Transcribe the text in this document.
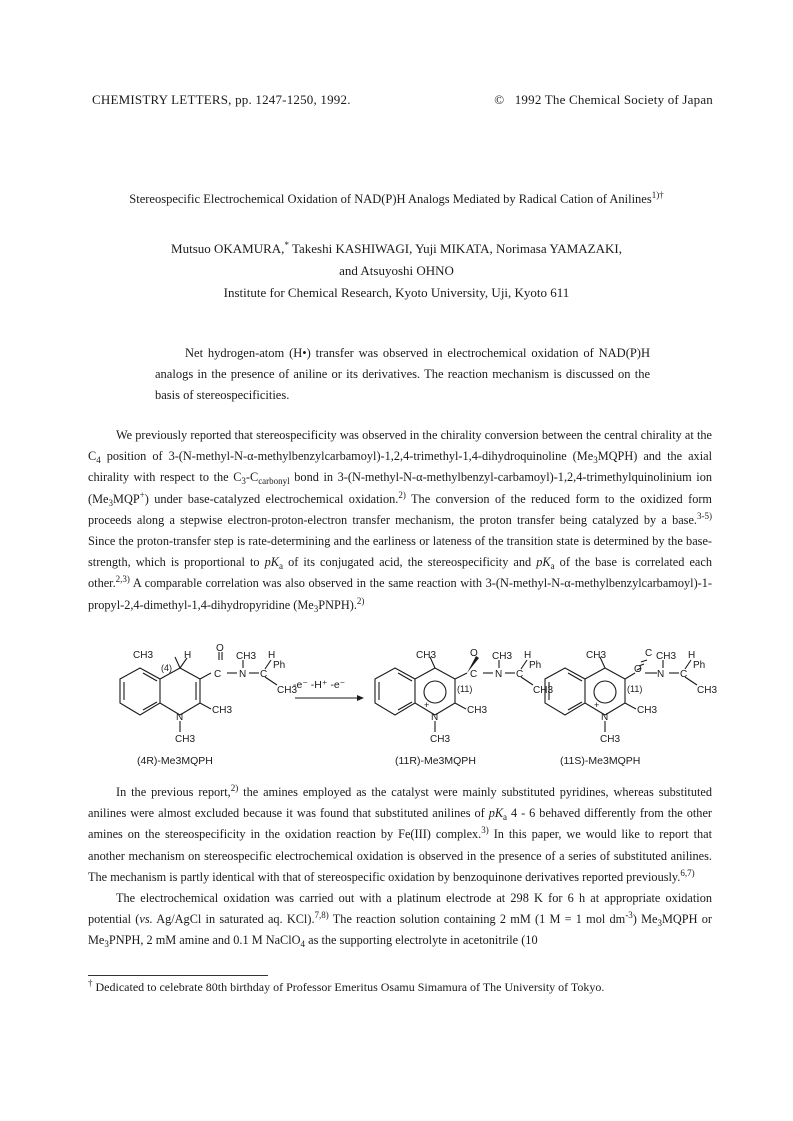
CHEMISTRY LETTERS, pp. 1247-1250, 1992.	© 1992 The Chemical Society of Japan
Stereospecific Electrochemical Oxidation of NAD(P)H Analogs Mediated by Radical Cation of Anilines$^{1)\dagger}$
Mutsuo OKAMURA,* Takeshi KASHIWAGI, Yuji MIKATA, Norimasa YAMAZAKI,
and Atsuyoshi OHNO
Institute for Chemical Research, Kyoto University, Uji, Kyoto 611
Net hydrogen-atom (H•) transfer was observed in electrochemical oxidation of NAD(P)H analogs in the presence of aniline or its derivatives. The reaction mechanism is discussed on the basis of stereospecificities.

We previously reported that stereospecificity was observed in the chirality conversion between the central chirality at the $C_4$ position of 3-(N-methyl-N-α-methylbenzylcarbamoyl)-1,2,4-trimethyl-1,4-dihydroquinoline $(Me_3MQPH)$ and the axial chirality with respect to the $C_3-C_{carbonyl}$ bond in 3-(N-methyl-N-α-methylbenzyl-carbamoyl)-1,2,4-trimethylquinolinium ion $(Me_3MQP^+)$ under base-catalyzed electrochemical oxidation.$^{2)}$ The conversion of the reduced form to the oxidized form proceeds along a stepwise electron-proton-electron transfer mechanism, the proton transfer being catalyzed by a base.$^{3-5)}$ Since the proton-transfer step is rate-determining and the earliness or lateness of the transition state is determined by the base-strength, which is proportional to $pK_a$ of its conjugated acid, the stereospecificity and $pK_a$ of the base is correlated each other.$^{2,3)}$ A comparable correlation was also observed in the same reaction with 3-(N-methyl-N-α-methylbenzylcarbamoyl)-1-propyl-2,4-dimethyl-1,4-dihydropyridine $(Me_3PNPH).^{2)}$

CH3	H
O
CH3 H
Ph
C N C
CH3
(4)
N
CH3
CH3
(4R)-Me3MQPH
-e⁻ -H⁺ -e⁻
CH3	O CH3 H
Ph
C N C
CH3
(11)
+
N
CH3
CH3
(11R)-Me3MQPH
CH3
O
CH3 H
Ph
C
N C
CH3
(11)
+
N
CH3
CH3
(11S)-Me3MQPH

In the previous report,$^{2)}$ the amines employed as the catalyst were mainly substituted pyridines, whereas substituted anilines were almost excluded because it was found that substituted anilines of $pK_a$ 4 - 6 behaved differently from the other amines on the stereospecificity in the oxidation reaction by Fe(III) complex.$^{3)}$ In this paper, we would like to report that another mechanism on stereospecific electrochemical oxidation is observed in the presence of a series of substituted anilines. The mechanism is partly identical with that of stereospecific oxidation by benzoquinone derivatives reported previously.$^{6,7)}$

The electrochemical oxidation was carried out with a platinum electrode at 298 K for 6 h at appropriate oxidation potential (vs. Ag/AgCl in saturated aq. KCl).$^{7,8)}$ The reaction solution containing 2 mM (1 M = 1 mol $dm^{-3}$) $Me_3MQPH$ or $Me_3PNPH$, 2 mM amine and 0.1 M NaClO$_4$ as the supporting electrolyte in acetonitrile (10

† Dedicated to celebrate 80th birthday of Professor Emeritus Osamu Simamura of The University of Tokyo.
